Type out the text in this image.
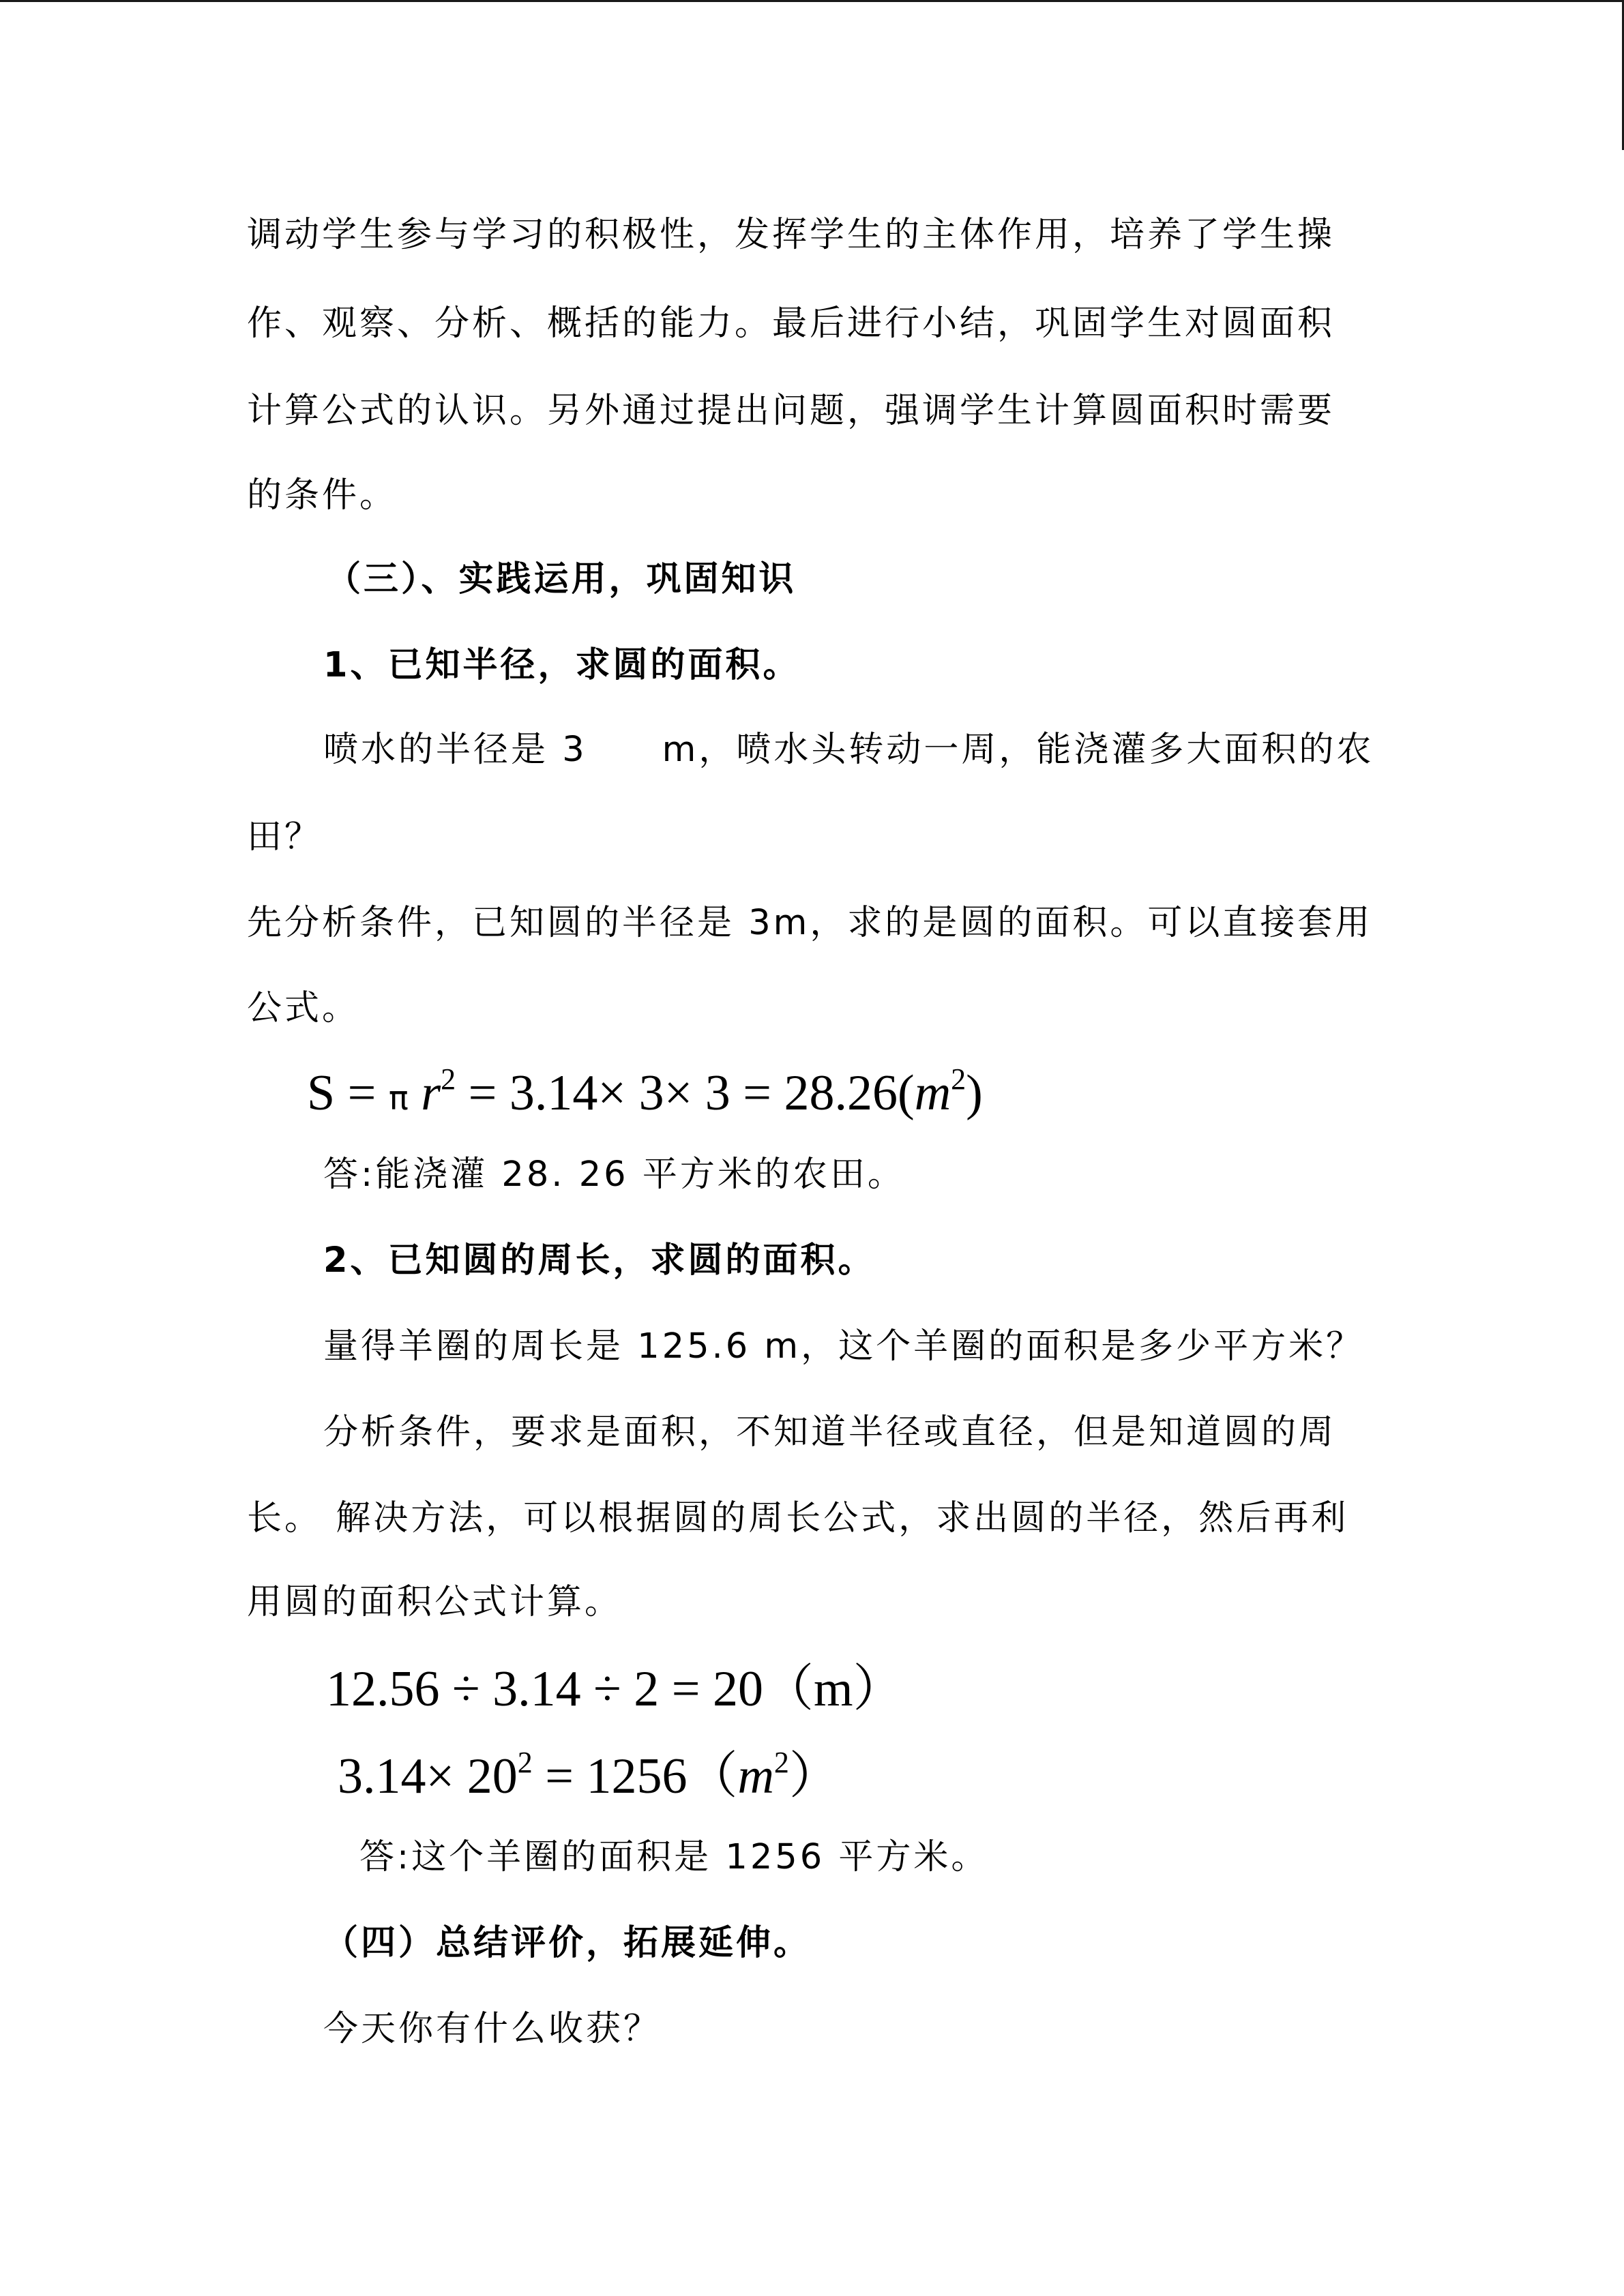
调动学生参与学习的积极性，发挥学生的主体作用，培养了学生操

作、观察、分析、概括的能力。最后进行小结，巩固学生对圆面积

计算公式的认识。另外通过提出问题，强调学生计算圆面积时需要

的条件。

（三）、实践运用，巩固知识
1、已知半径，求圆的面积。

喷水的半径是 3　　m，喷水头转动一周，能浇灌多大面积的农

田？

先分析条件，已知圆的半径是 3m，求的是圆的面积。可以直接套用

公式。

S = π $r^2 = 3.14\times 3\times 3 = 28.26(m^2)$

答:能浇灌 28. 26 平方米的农田。

2、已知圆的周长，求圆的面积。

量得羊圈的周长是 125.6 m，这个羊圈的面积是多少平方米？

分析条件，要求是面积，不知道半径或直径，但是知道圆的周

长。 解决方法，可以根据圆的周长公式，求出圆的半径，然后再利

用圆的面积公式计算。

12.56 ÷ 3.14 ÷ 2 = 20（m）
$3.14\times 20^2 = 1256(m^2)$

答:这个羊圈的面积是 1256 平方米。

（四）总结评价，拓展延伸。

今天你有什么收获？
